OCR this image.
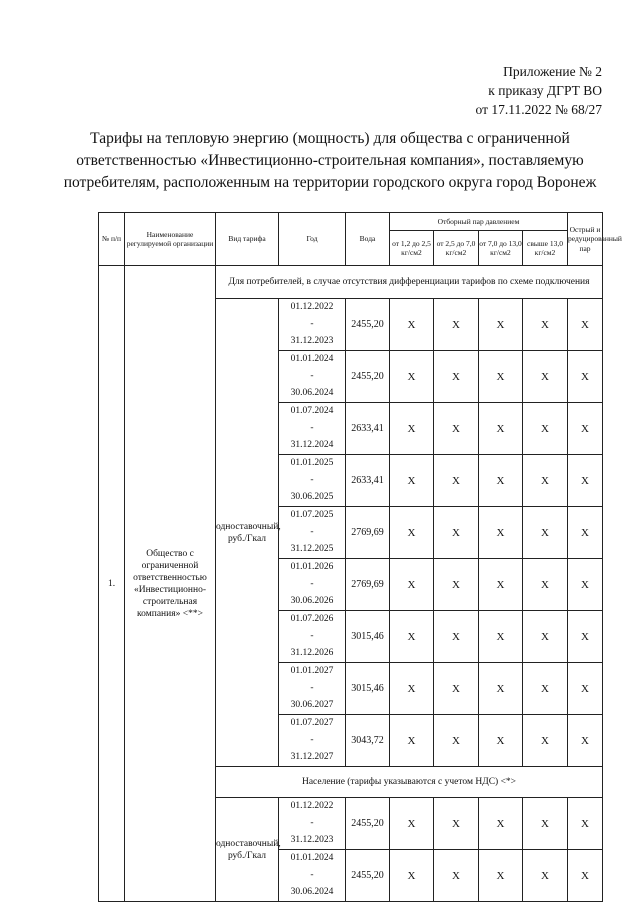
Приложение № 2
к приказу ДГРТ ВО
от 17.11.2022 № 68/27
Тарифы на тепловую энергию (мощность) для общества с ограниченной ответственностью «Инвестиционно-строительная компания», поставляемую потребителям, расположенным на территории городского округа город Воронеж
№ п/п	Наименование регулируемой организации	Вид тарифа	Год	Вода	Отборный пар давлением				Острый и редуцированный пар
					от 1,2 до 2,5 кг/см2	от 2,5 до 7,0 кг/см2	от 7,0 до 13,0 кг/см2	свыше 13,0 кг/см2	
1.	Общество с ограниченной ответственностью «Инвестиционно-строительная компания» <**>	Для потребителей, в случае отсутствия дифференциации тарифов по схеме подключения							
		одноставочный, руб./Гкал	01.12.2022
-
31.12.2023	2455,20	X	X	X	X	X

			01.01.2024
-
30.06.2024	2455,20	X	X	X	X	X

			01.07.2024
-
31.12.2024	2633,41	X	X	X	X	X

			01.01.2025
-
30.06.2025	2633,41	X	X	X	X	X

			01.07.2025
-
31.12.2025	2769,69	X	X	X	X	X

			01.01.2026
-
30.06.2026	2769,69	X	X	X	X	X

			01.07.2026
-
31.12.2026	3015,46	X	X	X	X	X

			01.01.2027
-
30.06.2027	3015,46	X	X	X	X	X

			01.07.2027
-
31.12.2027	3043,72	X	X	X	X	X
		Население (тарифы указываются с учетом НДС) <*>							
		одноставочный, руб./Гкал	01.12.2022
-
31.12.2023	2455,20	X	X	X	X	X

			01.01.2024
-
30.06.2024	2455,20	X	X	X	X	X
